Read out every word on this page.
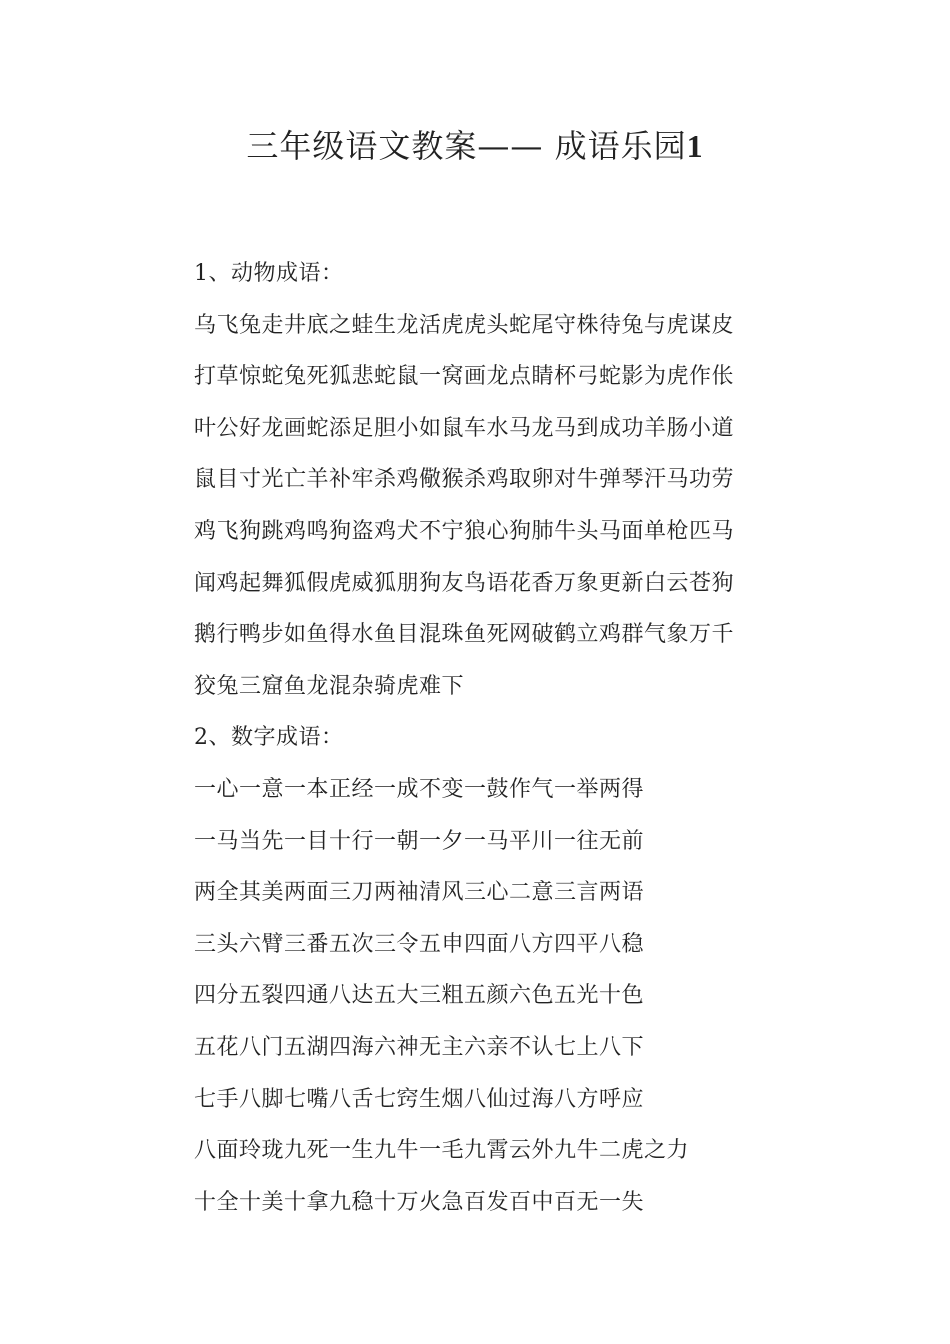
三年级语文教案—— 成语乐园1
1、动物成语：
乌飞兔走井底之蛙生龙活虎虎头蛇尾守株待兔与虎谋皮
打草惊蛇兔死狐悲蛇鼠一窝画龙点睛杯弓蛇影为虎作伥
叶公好龙画蛇添足胆小如鼠车水马龙马到成功羊肠小道
鼠目寸光亡羊补牢杀鸡儆猴杀鸡取卵对牛弹琴汗马功劳
鸡飞狗跳鸡鸣狗盗鸡犬不宁狼心狗肺牛头马面单枪匹马
闻鸡起舞狐假虎威狐朋狗友鸟语花香万象更新白云苍狗
鹅行鸭步如鱼得水鱼目混珠鱼死网破鹤立鸡群气象万千
狡兔三窟鱼龙混杂骑虎难下
2、数字成语：
一心一意一本正经一成不变一鼓作气一举两得
一马当先一目十行一朝一夕一马平川一往无前
两全其美两面三刀两袖清风三心二意三言两语
三头六臂三番五次三令五申四面八方四平八稳
四分五裂四通八达五大三粗五颜六色五光十色
五花八门五湖四海六神无主六亲不认七上八下
七手八脚七嘴八舌七窍生烟八仙过海八方呼应
八面玲珑九死一生九牛一毛九霄云外九牛二虎之力
十全十美十拿九稳十万火急百发百中百无一失
